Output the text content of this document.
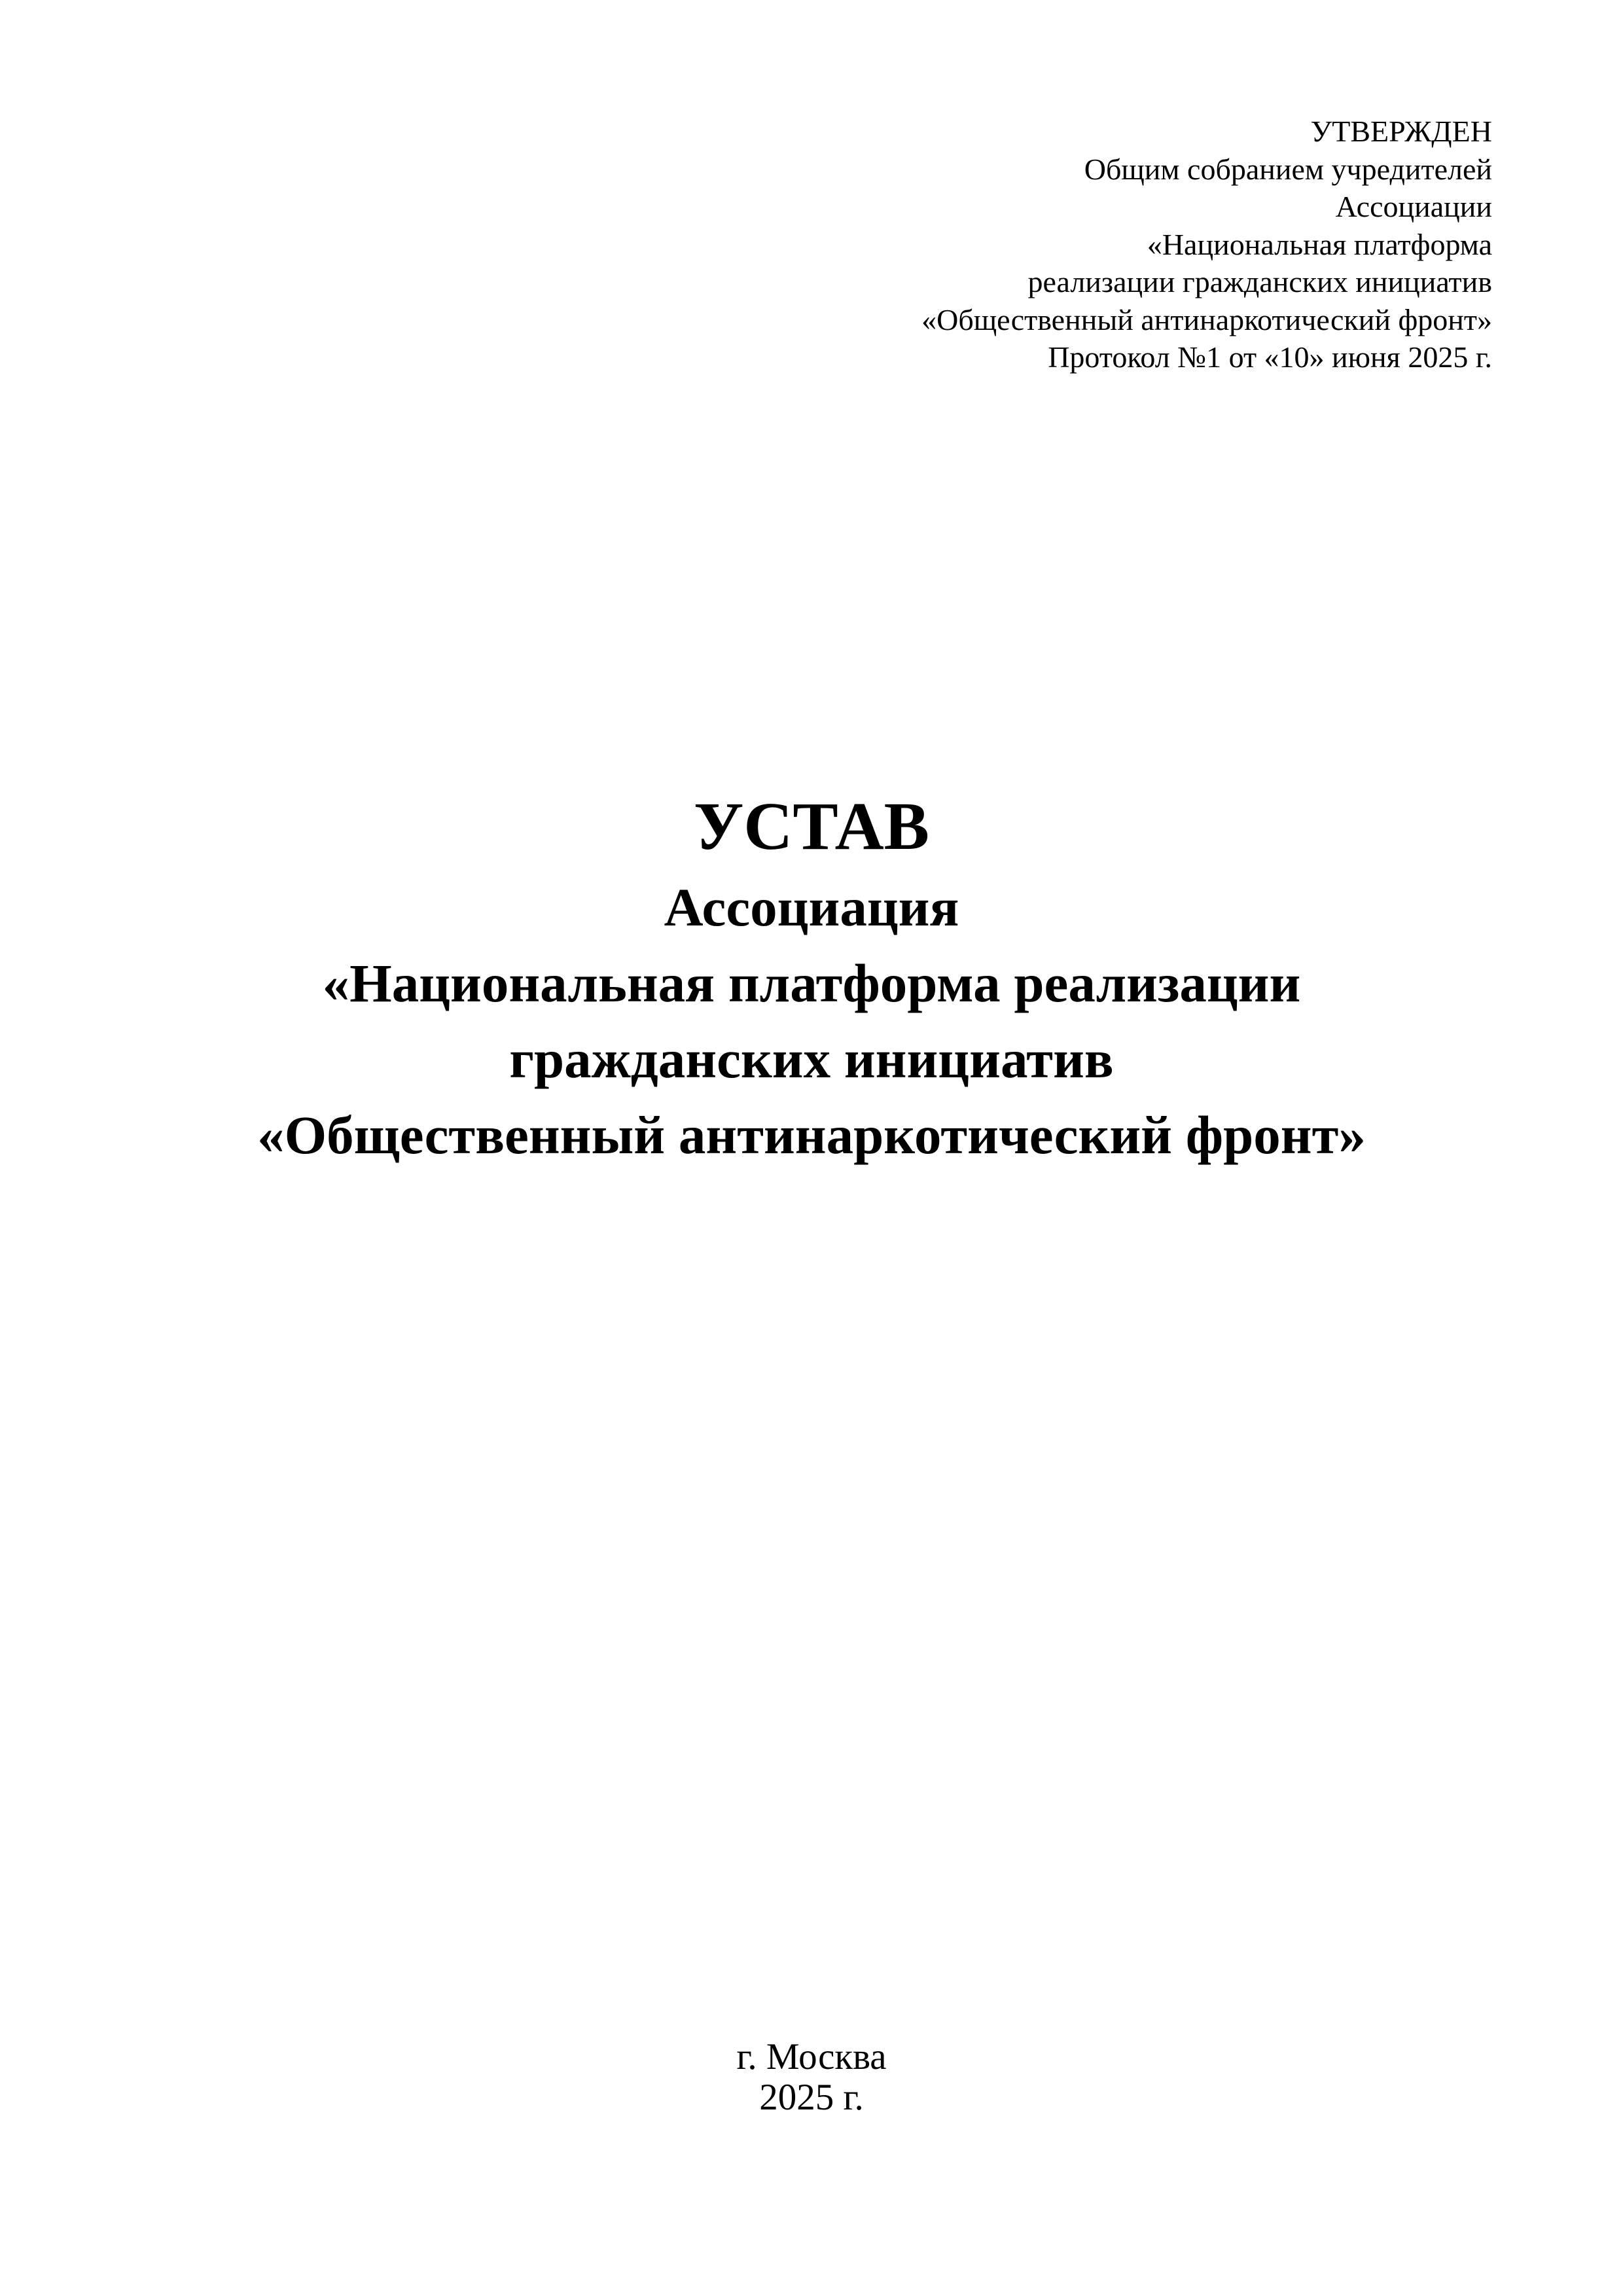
УТВЕРЖДЕН
Общим собранием учредителей
Ассоциации
«Национальная платформа
реализации гражданских инициатив
«Общественный антинаркотический фронт»
Протокол №1 от «10» июня 2025 г.
УСТАВ
Ассоциация
«Национальная платформа реализации
гражданских инициатив
«Общественный антинаркотический фронт»
г. Москва
2025 г.
